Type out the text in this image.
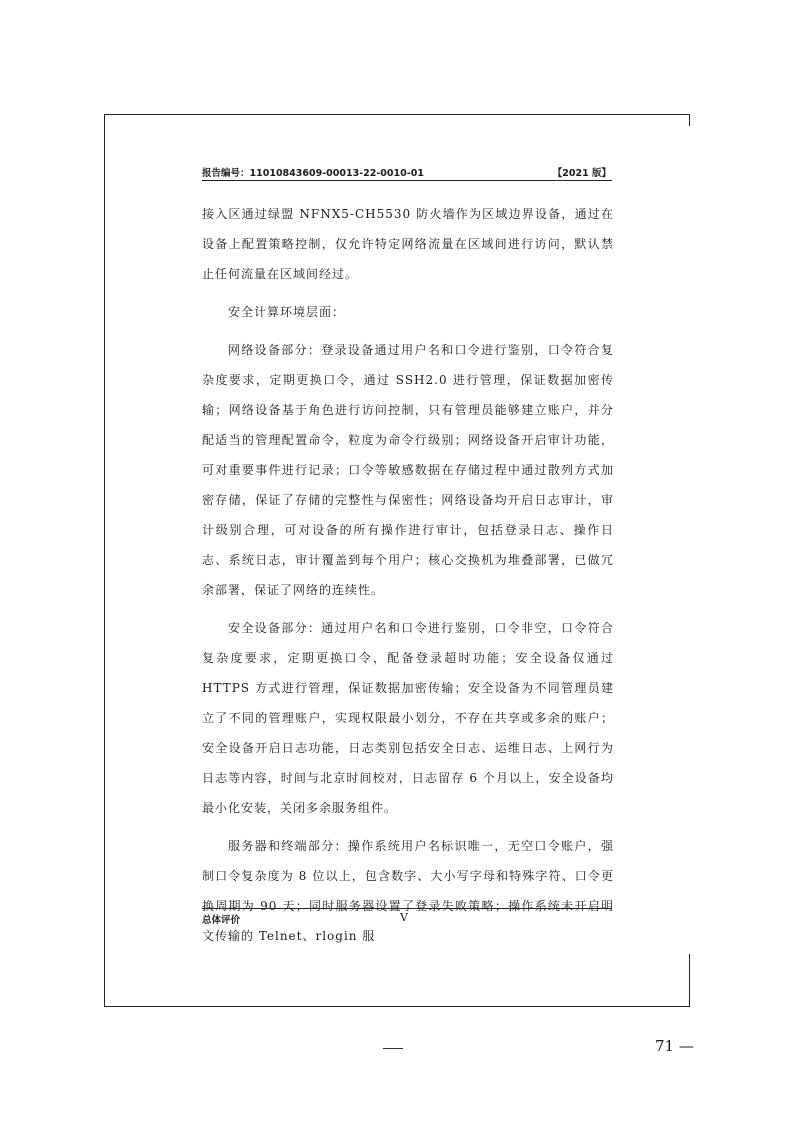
报告编号：11010843609-00013-22-0010-01	【2021 版】

接入区通过绿盟 NFNX5-CH5530 防火墙作为区域边界设备，通过在设备上配置策略控制，仅允许特定网络流量在区域间进行访问，默认禁止任何流量在区域间经过。

安全计算环境层面：

网络设备部分：登录设备通过用户名和口令进行鉴别，口令符合复杂度要求，定期更换口令，通过 SSH2.0 进行管理，保证数据加密传输；网络设备基于角色进行访问控制，只有管理员能够建立账户，并分配适当的管理配置命令，粒度为命令行级别；网络设备开启审计功能，可对重要事件进行记录；口令等敏感数据在存储过程中通过散列方式加密存储，保证了存储的完整性与保密性；网络设备均开启日志审计，审计级别合理，可对设备的所有操作进行审计，包括登录日志、操作日志、系统日志，审计覆盖到每个用户；核心交换机为堆叠部署，已做冗余部署，保证了网络的连续性。

安全设备部分：通过用户名和口令进行鉴别，口令非空，口令符合复杂度要求，定期更换口令，配备登录超时功能；安全设备仅通过 HTTPS 方式进行管理，保证数据加密传输；安全设备为不同管理员建立了不同的管理账户，实现权限最小划分，不存在共享或多余的账户；安全设备开启日志功能，日志类别包括安全日志、运维日志、上网行为日志等内容，时间与北京时间校对，日志留存 6 个月以上，安全设备均最小化安装，关闭多余服务组件。

服务器和终端部分：操作系统用户名标识唯一，无空口令账户，强制口令复杂度为 8 位以上，包含数字、大小写字母和特殊字符、口令更换周期为 90 天；同时服务器设置了登录失败策略；操作系统未开启明文传输的 Telnet、rlogin 服

总体评价	V
71 —
